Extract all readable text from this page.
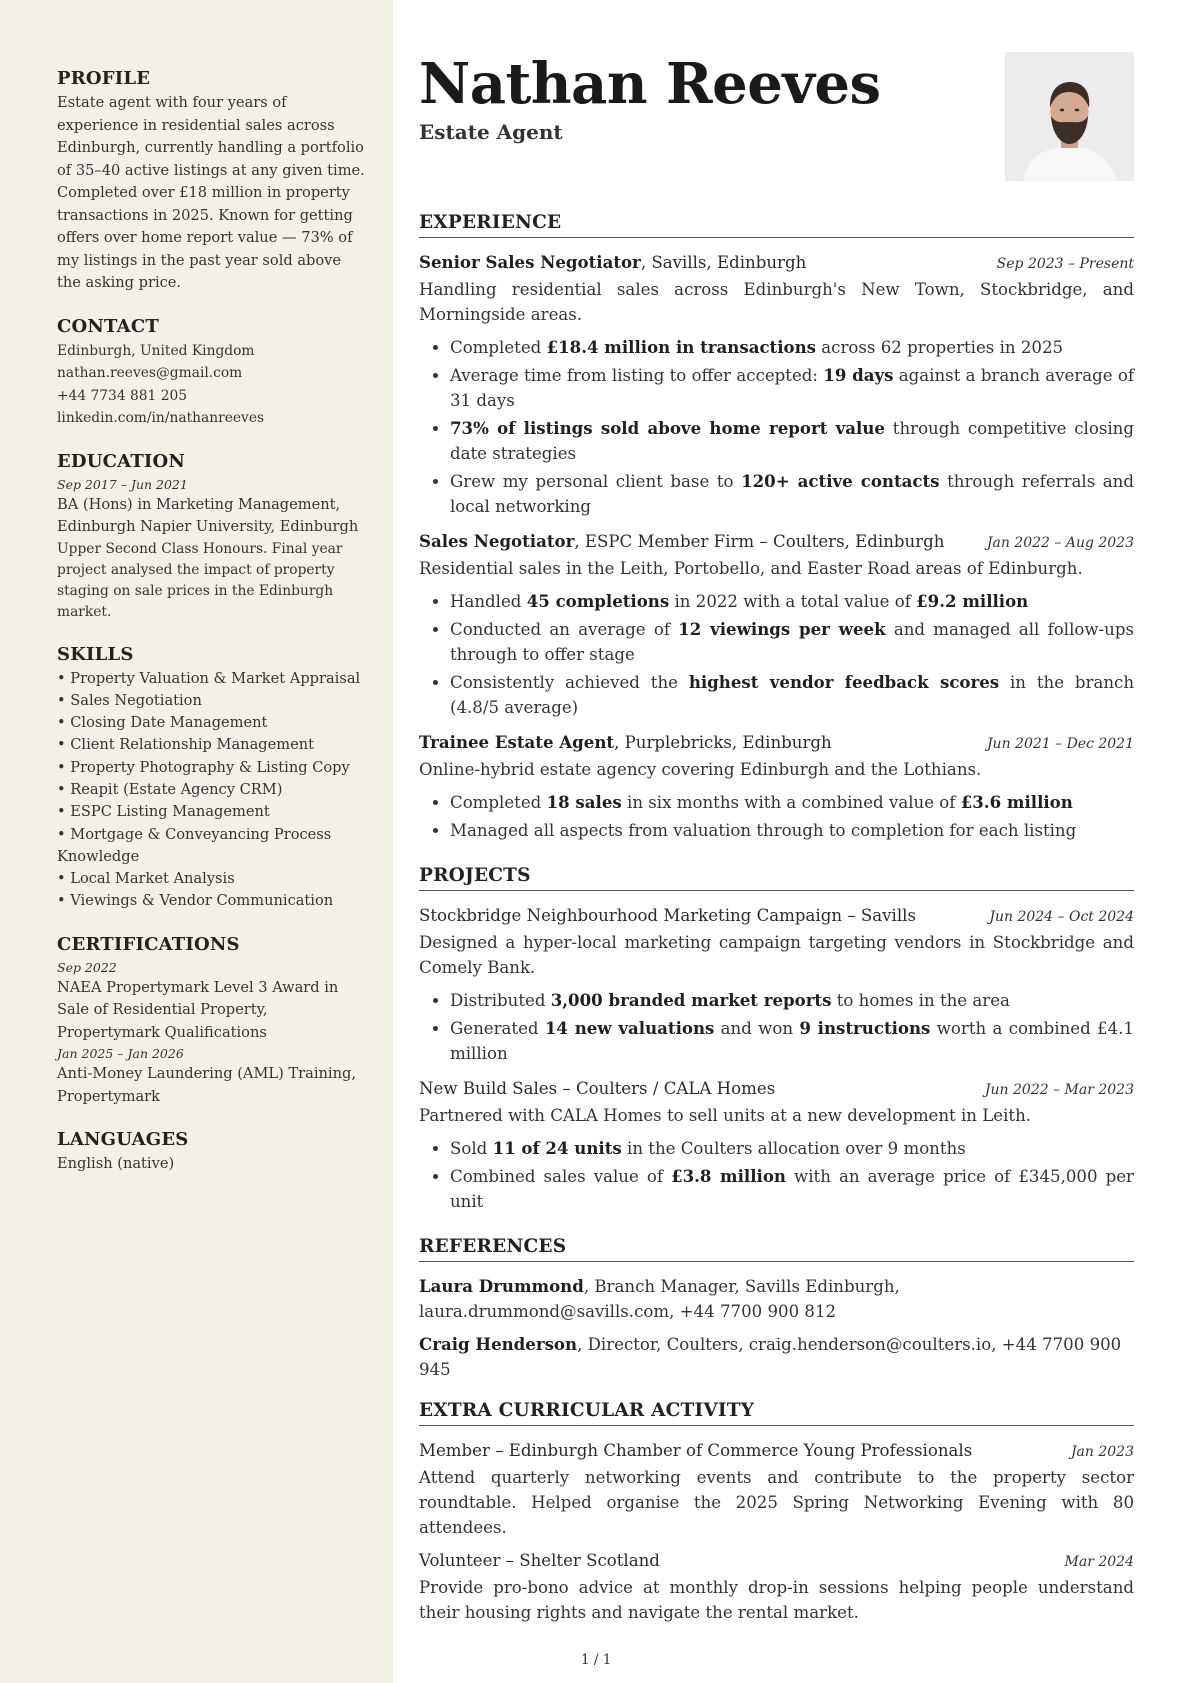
PROFILE
Estate agent with four years of experience in residential sales across Edinburgh, currently handling a portfolio of 35–40 active listings at any given time. Completed over £18 million in property transactions in 2025. Known for getting offers over home report value — 73% of my listings in the past year sold above the asking price.
CONTACT
Edinburgh, United Kingdom
nathan.reeves@gmail.com
+44 7734 881 205
linkedin.com/in/nathanreeves
EDUCATION
Sep 2017 – Jun 2021
BA (Hons) in Marketing Management, Edinburgh Napier University, Edinburgh
Upper Second Class Honours. Final year project analysed the impact of property staging on sale prices in the Edinburgh market.
SKILLS
• Property Valuation & Market Appraisal
• Sales Negotiation
• Closing Date Management
• Client Relationship Management
• Property Photography & Listing Copy
• Reapit (Estate Agency CRM)
• ESPC Listing Management
• Mortgage & Conveyancing Process Knowledge
• Local Market Analysis
• Viewings & Vendor Communication
CERTIFICATIONS
Sep 2022
NAEA Propertymark Level 3 Award in Sale of Residential Property, Propertymark Qualifications
Jan 2025 – Jan 2026
Anti-Money Laundering (AML) Training, Propertymark
LANGUAGES
English (native)
Nathan Reeves
Estate Agent
EXPERIENCE
Senior Sales Negotiator, Savills, Edinburgh	Sep 2023 – Present
Handling residential sales across Edinburgh's New Town, Stockbridge, and Morningside areas.
• Completed £18.4 million in transactions across 62 properties in 2025
• Average time from listing to offer accepted: 19 days against a branch average of 31 days
• 73% of listings sold above home report value through competitive closing date strategies
• Grew my personal client base to 120+ active contacts through referrals and local networking
Sales Negotiator, ESPC Member Firm – Coulters, Edinburgh	Jan 2022 – Aug 2023
Residential sales in the Leith, Portobello, and Easter Road areas of Edinburgh.
• Handled 45 completions in 2022 with a total value of £9.2 million
• Conducted an average of 12 viewings per week and managed all follow-ups through to offer stage
• Consistently achieved the highest vendor feedback scores in the branch (4.8/5 average)
Trainee Estate Agent, Purplebricks, Edinburgh	Jun 2021 – Dec 2021
Online-hybrid estate agency covering Edinburgh and the Lothians.
• Completed 18 sales in six months with a combined value of £3.6 million
• Managed all aspects from valuation through to completion for each listing
PROJECTS
Stockbridge Neighbourhood Marketing Campaign – Savills	Jun 2024 – Oct 2024
Designed a hyper-local marketing campaign targeting vendors in Stockbridge and Comely Bank.
• Distributed 3,000 branded market reports to homes in the area
• Generated 14 new valuations and won 9 instructions worth a combined £4.1 million
New Build Sales – Coulters / CALA Homes	Jun 2022 – Mar 2023
Partnered with CALA Homes to sell units at a new development in Leith.
• Sold 11 of 24 units in the Coulters allocation over 9 months
• Combined sales value of £3.8 million with an average price of £345,000 per unit
REFERENCES
Laura Drummond, Branch Manager, Savills Edinburgh, laura.drummond@savills.com, +44 7700 900 812
Craig Henderson, Director, Coulters, craig.henderson@coulters.io, +44 7700 900 945
EXTRA CURRICULAR ACTIVITY
Member – Edinburgh Chamber of Commerce Young Professionals	Jan 2023
Attend quarterly networking events and contribute to the property sector roundtable. Helped organise the 2025 Spring Networking Evening with 80 attendees.
Volunteer – Shelter Scotland	Mar 2024
Provide pro-bono advice at monthly drop-in sessions helping people understand their housing rights and navigate the rental market.
1 / 1
